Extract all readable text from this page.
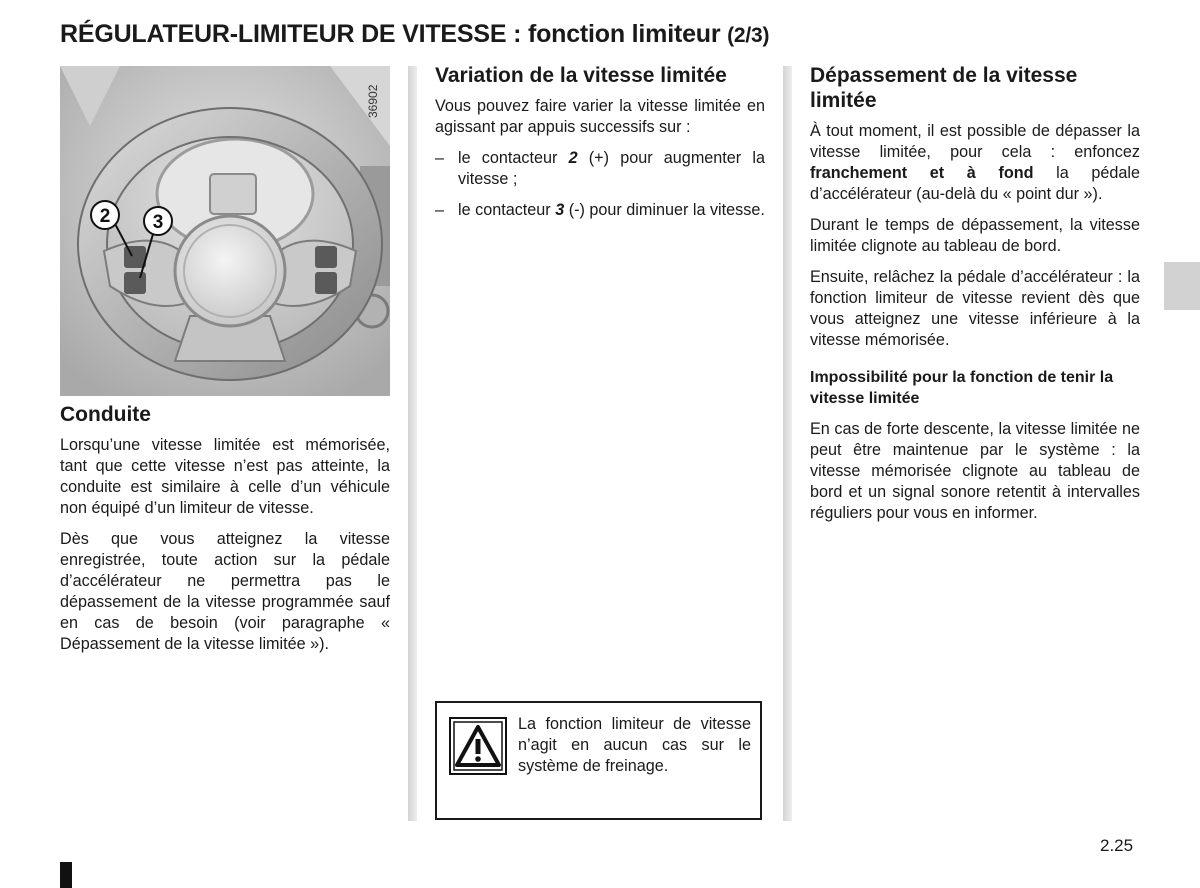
RÉGULATEUR-LIMITEUR DE VITESSE : fonction limiteur (2/3)
2 3
36902
Conduite

Lorsqu’une vitesse limitée est mémorisée, tant que cette vitesse n’est pas atteinte, la conduite est similaire à celle d’un véhicule non équipé d’un limiteur de vitesse.

Dès que vous atteignez la vitesse enregistrée, toute action sur la pédale d’accélérateur ne permettra pas le dépassement de la vitesse programmée sauf en cas de besoin (voir paragraphe « Dépassement de la vitesse limitée »).

Variation de la vitesse limitée

Vous pouvez faire varier la vitesse limitée en agissant par appuis successifs sur :

– le contacteur 2 (+) pour augmenter la vitesse ;
– le contacteur 3 (-) pour diminuer la vitesse.

La fonction limiteur de vitesse n’agit en aucun cas sur le système de freinage.

Dépassement de la vitesse limitée

À tout moment, il est possible de dépasser la vitesse limitée, pour cela : enfoncez franchement et à fond la pédale d’accélérateur (au-delà du « point dur »).

Durant le temps de dépassement, la vitesse limitée clignote au tableau de bord.

Ensuite, relâchez la pédale d’accélérateur : la fonction limiteur de vitesse revient dès que vous atteignez une vitesse inférieure à la vitesse mémorisée.

Impossibilité pour la fonction de tenir la vitesse limitée

En cas de forte descente, la vitesse limitée ne peut être maintenue par le système : la vitesse mémorisée clignote au tableau de bord et un signal sonore retentit à intervalles réguliers pour vous en informer.

2.25
